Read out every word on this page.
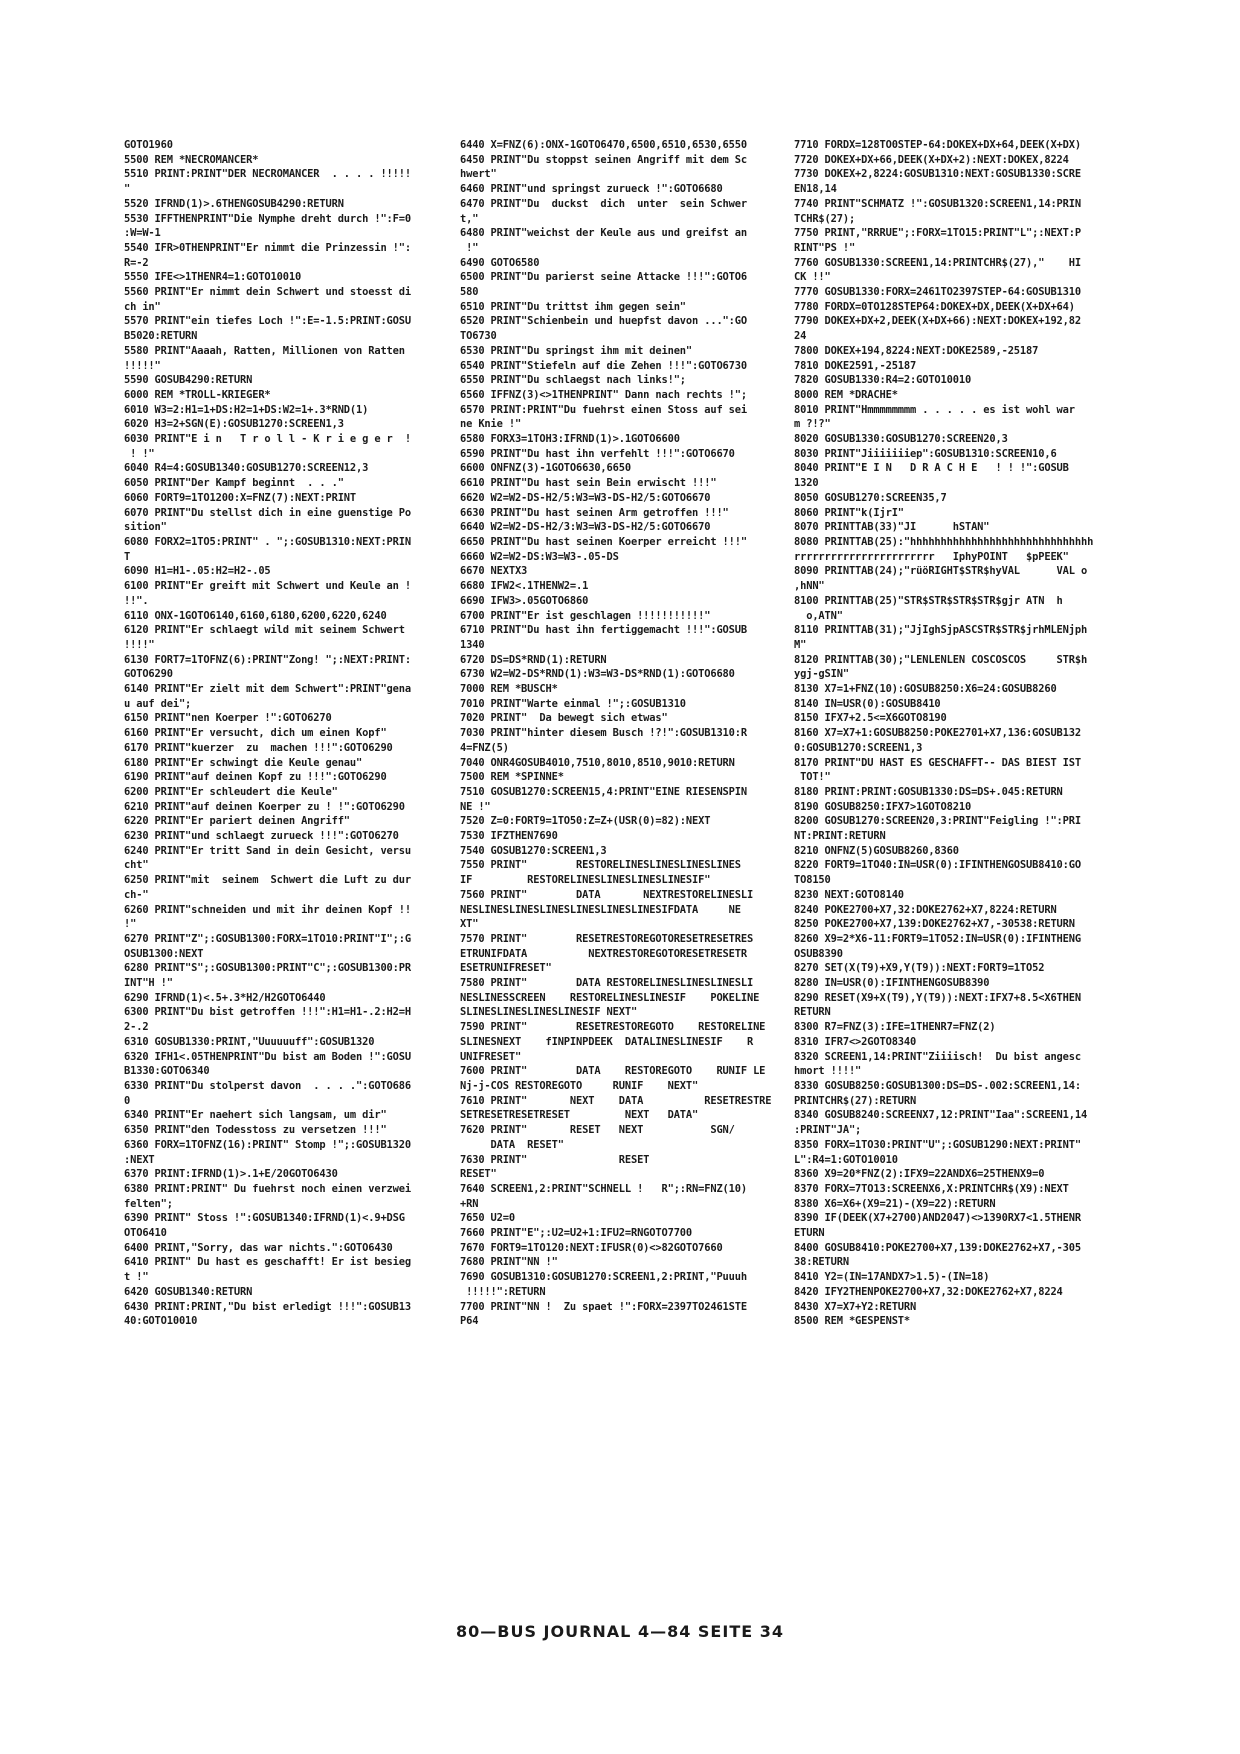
GOTO1960
5500 REM *NECROMANCER*
5510 PRINT:PRINT"DER NECROMANCER  . . . . !!!!!
"
5520 IFRND(1)>.6THENGOSUB4290:RETURN
5530 IFFTHENPRINT"Die Nymphe dreht durch !":F=0
:W=W-1
5540 IFR>0THENPRINT"Er nimmt die Prinzessin !":
R=-2
5550 IFE<>1THENR4=1:GOTO10010
5560 PRINT"Er nimmt dein Schwert und stoesst di
ch in"
5570 PRINT"ein tiefes Loch !":E=-1.5:PRINT:GOSU
B5020:RETURN
5580 PRINT"Aaaah, Ratten, Millionen von Ratten
!!!!!"
5590 GOSUB4290:RETURN
6000 REM *TROLL-KRIEGER*
6010 W3=2:H1=1+DS:H2=1+DS:W2=1+.3*RND(1)
6020 H3=2+SGN(E):GOSUB1270:SCREEN1,3
6030 PRINT"E i n   T r o l l - K r i e g e r  !
! !"
6040 R4=4:GOSUB1340:GOSUB1270:SCREEN12,3
6050 PRINT"Der Kampf beginnt  . . ."
6060 FORT9=1TO1200:X=FNZ(7):NEXT:PRINT
6070 PRINT"Du stellst dich in eine guenstige Po
sition"
6080 FORX2=1TO5:PRINT" . ";:GOSUB1310:NEXT:PRIN
T
6090 H1=H1-.05:H2=H2-.05
6100 PRINT"Er greift mit Schwert und Keule an !
!!".
6110 ONX-1GOTO6140,6160,6180,6200,6220,6240
6120 PRINT"Er schlaegt wild mit seinem Schwert
!!!!"
6130 FORT7=1TOFNZ(6):PRINT"Zong! ";:NEXT:PRINT:
GOTO6290
6140 PRINT"Er zielt mit dem Schwert":PRINT"gena
u auf dei";
6150 PRINT"nen Koerper !":GOTO6270
6160 PRINT"Er versucht, dich um einen Kopf"
6170 PRINT"kuerzer  zu  machen !!!":GOTO6290
6180 PRINT"Er schwingt die Keule genau"
6190 PRINT"auf deinen Kopf zu !!!":GOTO6290
6200 PRINT"Er schleudert die Keule"
6210 PRINT"auf deinen Koerper zu ! !":GOTO6290
6220 PRINT"Er pariert deinen Angriff"
6230 PRINT"und schlaegt zurueck !!!":GOTO6270
6240 PRINT"Er tritt Sand in dein Gesicht, versu
cht"
6250 PRINT"mit  seinem  Schwert die Luft zu dur
ch-"
6260 PRINT"schneiden und mit ihr deinen Kopf !!
!"
6270 PRINT"Z";:GOSUB1300:FORX=1TO10:PRINT"I";:G
OSUB1300:NEXT
6280 PRINT"S";:GOSUB1300:PRINT"C";:GOSUB1300:PR
INT"H !"
6290 IFRND(1)<.5+.3*H2/H2GOTO6440
6300 PRINT"Du bist getroffen !!!":H1=H1-.2:H2=H
2-.2
6310 GOSUB1330:PRINT,"Uuuuuuff":GOSUB1320
6320 IFH1<.05THENPRINT"Du bist am Boden !":GOSU
B1330:GOTO6340
6330 PRINT"Du stolperst davon  . . . .":GOTO686
0
6340 PRINT"Er naehert sich langsam, um dir"
6350 PRINT"den Todesstoss zu versetzen !!!"
6360 FORX=1TOFNZ(16):PRINT" Stomp !";:GOSUB1320
:NEXT
6370 PRINT:IFRND(1)>.1+E/20GOTO6430
6380 PRINT:PRINT" Du fuehrst noch einen verzwei
felten";
6390 PRINT" Stoss !":GOSUB1340:IFRND(1)<.9+DSG
OTO6410
6400 PRINT,"Sorry, das war nichts.":GOTO6430
6410 PRINT" Du hast es geschafft! Er ist besieg
t !"
6420 GOSUB1340:RETURN
6430 PRINT:PRINT,"Du bist erledigt !!!":GOSUB13
40:GOTO10010
6440 X=FNZ(6):ONX-1GOTO6470,6500,6510,6530,6550
6450 PRINT"Du stoppst seinen Angriff mit dem Sc
hwert"
6460 PRINT"und springst zurueck !":GOTO6680
6470 PRINT"Du  duckst  dich  unter  sein Schwer
t,"
6480 PRINT"weichst der Keule aus und greifst an
!"
6490 GOTO6580
6500 PRINT"Du parierst seine Attacke !!!":GOTO6
580
6510 PRINT"Du trittst ihm gegen sein"
6520 PRINT"Schienbein und huepfst davon ...":GO
TO6730
6530 PRINT"Du springst ihm mit deinen"
6540 PRINT"Stiefeln auf die Zehen !!!":GOTO6730
6550 PRINT"Du schlaegst nach links!";
6560 IFFNZ(3)<>1THENPRINT" Dann nach rechts !";
6570 PRINT:PRINT"Du fuehrst einen Stoss auf sei
ne Knie !"
6580 FORX3=1TOH3:IFRND(1)>.1GOTO6600
6590 PRINT"Du hast ihn verfehlt !!!":GOTO6670
6600 ONFNZ(3)-1GOTO6630,6650
6610 PRINT"Du hast sein Bein erwischt !!!"
6620 W2=W2-DS-H2/5:W3=W3-DS-H2/5:GOTO6670
6630 PRINT"Du hast seinen Arm getroffen !!!"
6640 W2=W2-DS-H2/3:W3=W3-DS-H2/5:GOTO6670
6650 PRINT"Du hast seinen Koerper erreicht !!!"
6660 W2=W2-DS:W3=W3-.05-DS
6670 NEXTX3
6680 IFW2<.1THENW2=.1
6690 IFW3>.05GOTO6860
6700 PRINT"Er ist geschlagen !!!!!!!!!!!"
6710 PRINT"Du hast ihn fertiggemacht !!!":GOSUB
1340
6720 DS=DS*RND(1):RETURN
6730 W2=W2-DS*RND(1):W3=W3-DS*RND(1):GOTO6680
7000 REM *BUSCH*
7010 PRINT"Warte einmal !";:GOSUB1310
7020 PRINT"  Da bewegt sich etwas"
7030 PRINT"hinter diesem Busch !?!":GOSUB1310:R
4=FNZ(5)
7040 ONR4GOSUB4010,7510,8010,8510,9010:RETURN
7500 REM *SPINNE*
7510 GOSUB1270:SCREEN15,4:PRINT"EINE RIESENSPIN
NE !"
7520 Z=0:FORT9=1TO50:Z=Z+(USR(0)=82):NEXT
7530 IFZTHEN7690
7540 GOSUB1270:SCREEN1,3
7550 PRINT"        RESTORELINESLINESLINESLINES
IF         RESTORELINESLINESLINESLINESIF"
7560 PRINT"        DATA       NEXTRESTORELINESLI
NESLINESLINESLINESLINESLINESLINESIFDATA     NE
XT"
7570 PRINT"        RESETRESTOREGOTORESETRESETRES
ETRUNIFDATA          NEXTRESTOREGOTORESETRESETR
ESETRUNIFRESET"
7580 PRINT"        DATA RESTORELINESLINESLINESLI
NESLINESSCREEN    RESTORELINESLINESIF    POKELINE
SLINESLINESLINESLINESIF NEXT"
7590 PRINT"        RESETRESTOREGOTO    RESTORELINE
SLINESNEXT    fINPINPDEEK  DATALINESLINESIF    R
UNIFRESET"
7600 PRINT"        DATA    RESTOREGOTO    RUNIF LE
Nj-j-COS RESTOREGOTO     RUNIF    NEXT"
7610 PRINT"       NEXT    DATA          RESETRESTRE
SETRESETRESETRESET         NEXT   DATA"
7620 PRINT"       RESET   NEXT           SGN/
DATA  RESET"
7630 PRINT"               RESET
RESET"
7640 SCREEN1,2:PRINT"SCHNELL !   R";:RN=FNZ(10)
+RN
7650 U2=0
7660 PRINT"E";:U2=U2+1:IFU2=RNGOTO7700
7670 FORT9=1TO120:NEXT:IFUSR(0)<>82GOTO7660
7680 PRINT"NN !"
7690 GOSUB1310:GOSUB1270:SCREEN1,2:PRINT,"Puuuh
!!!!!":RETURN
7700 PRINT"NN !  Zu spaet !":FORX=2397TO2461STE
P64
7710 FORDX=128TO0STEP-64:DOKEX+DX+64,DEEK(X+DX)
7720 DOKEX+DX+66,DEEK(X+DX+2):NEXT:DOKEX,8224
7730 DOKEX+2,8224:GOSUB1310:NEXT:GOSUB1330:SCRE
EN18,14
7740 PRINT"SCHMATZ !":GOSUB1320:SCREEN1,14:PRIN
TCHR$(27);
7750 PRINT,"RRRUE";:FORX=1TO15:PRINT"L";:NEXT:P
RINT"PS !"
7760 GOSUB1330:SCREEN1,14:PRINTCHR$(27),"    HI
CK !!"
7770 GOSUB1330:FORX=2461TO2397STEP-64:GOSUB1310
7780 FORDX=0TO128STEP64:DOKEX+DX,DEEK(X+DX+64)
7790 DOKEX+DX+2,DEEK(X+DX+66):NEXT:DOKEX+192,82
24
7800 DOKEX+194,8224:NEXT:DOKE2589,-25187
7810 DOKE2591,-25187
7820 GOSUB1330:R4=2:GOTO10010
8000 REM *DRACHE*
8010 PRINT"Hmmmmmmmm . . . . . es ist wohl war
m ?!?"
8020 GOSUB1330:GOSUB1270:SCREEN20,3
8030 PRINT"Jiiiiiiiep":GOSUB1310:SCREEN10,6
8040 PRINT"E I N   D R A C H E   ! ! !":GOSUB
1320
8050 GOSUB1270:SCREEN35,7
8060 PRINT"k(IjrI"
8070 PRINTTAB(33)"JI      hSTAN"
8080 PRINTTAB(25):"hhhhhhhhhhhhhhhhhhhhhhhhhhhhhh
rrrrrrrrrrrrrrrrrrrrrrr   IphyPOINT   $pPEEK"
8090 PRINTTAB(24);"rüöRIGHT$STR$hyVAL      VAL o
,hNN"
8100 PRINTTAB(25)"STR$STR$STR$STR$gjr ATN  h
o,ATN"
8110 PRINTTAB(31);"JjIghSjpASCSTR$STR$jrhMLENjph
M"
8120 PRINTTAB(30);"LENLENLEN COSCOSCOS     STR$h
ygj-gSIN"
8130 X7=1+FNZ(10):GOSUB8250:X6=24:GOSUB8260
8140 IN=USR(0):GOSUB8410
8150 IFX7+2.5<=X6GOTO8190
8160 X7=X7+1:GOSUB8250:POKE2701+X7,136:GOSUB132
0:GOSUB1270:SCREEN1,3
8170 PRINT"DU HAST ES GESCHAFFT-- DAS BIEST IST
TOT!"
8180 PRINT:PRINT:GOSUB1330:DS=DS+.045:RETURN
8190 GOSUB8250:IFX7>1GOTO8210
8200 GOSUB1270:SCREEN20,3:PRINT"Feigling !":PRI
NT:PRINT:RETURN
8210 ONFNZ(5)GOSUB8260,8360
8220 FORT9=1TO40:IN=USR(0):IFINTHENGOSUB8410:GO
TO8150
8230 NEXT:GOTO8140
8240 POKE2700+X7,32:DOKE2762+X7,8224:RETURN
8250 POKE2700+X7,139:DOKE2762+X7,-30538:RETURN
8260 X9=2*X6-11:FORT9=1TO52:IN=USR(0):IFINTHENG
OSUB8390
8270 SET(X(T9)+X9,Y(T9)):NEXT:FORT9=1TO52
8280 IN=USR(0):IFINTHENGOSUB8390
8290 RESET(X9+X(T9),Y(T9)):NEXT:IFX7+8.5<X6THEN
RETURN
8300 R7=FNZ(3):IFE=1THENR7=FNZ(2)
8310 IFR7<>2GOTO8340
8320 SCREEN1,14:PRINT"Ziiiisch!  Du bist angesc
hmort !!!!"
8330 GOSUB8250:GOSUB1300:DS=DS-.002:SCREEN1,14:
PRINTCHR$(27):RETURN
8340 GOSUB8240:SCREENX7,12:PRINT"Iaa":SCREEN1,14
:PRINT"JA";
8350 FORX=1TO30:PRINT"U";:GOSUB1290:NEXT:PRINT"
L":R4=1:GOTO10010
8360 X9=20*FNZ(2):IFX9=22ANDX6=25THENX9=0
8370 FORX=7TO13:SCREENX6,X:PRINTCHR$(X9):NEXT
8380 X6=X6+(X9=21)-(X9=22):RETURN
8390 IF(DEEK(X7+2700)AND2047)<>1390RX7<1.5THENR
ETURN
8400 GOSUB8410:POKE2700+X7,139:DOKE2762+X7,-305
38:RETURN
8410 Y2=(IN=17ANDX7>1.5)-(IN=18)
8420 IFY2THENPOKE2700+X7,32:DOKE2762+X7,8224
8430 X7=X7+Y2:RETURN
8500 REM *GESPENST*
80—BUS JOURNAL 4—84 SEITE 34
